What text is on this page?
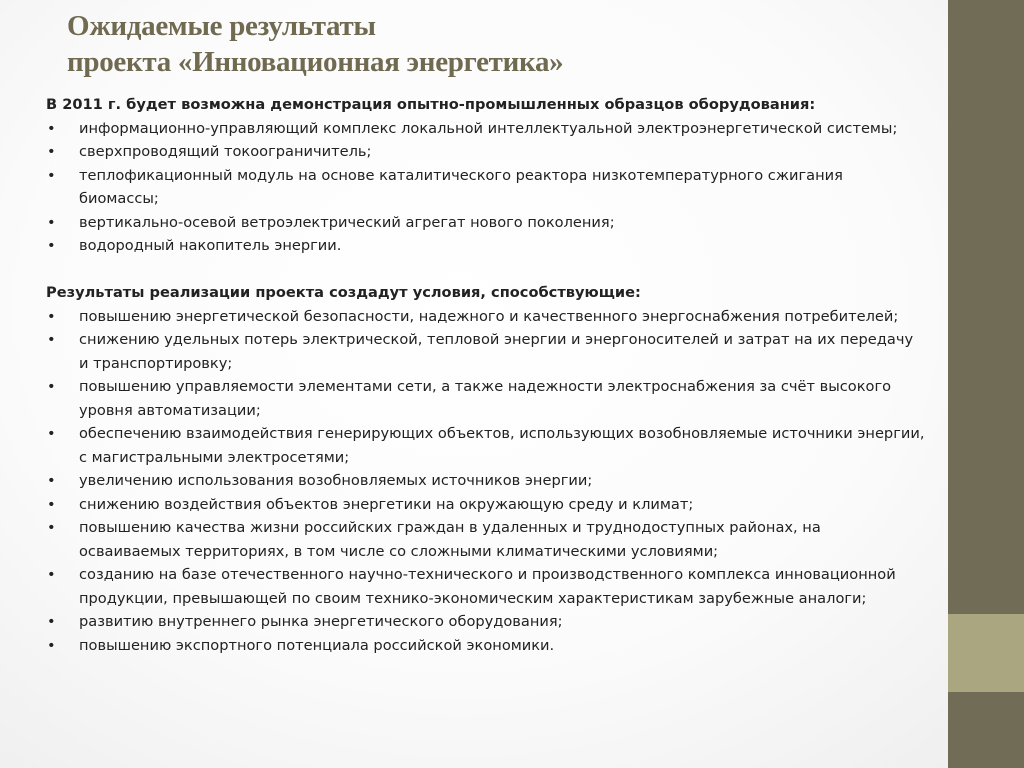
Ожидаемые результаты
проекта «Инновационная энергетика»
В 2011 г. будет возможна демонстрация опытно-промышленных образцов оборудования:
• информационно-управляющий комплекс локальной интеллектуальной электроэнергетической системы;
• сверхпроводящий токоограничитель;
• теплофикационный модуль на основе каталитического реактора низкотемпературного сжигания биомассы;
• вертикально-осевой ветроэлектрический агрегат нового поколения;
• водородный накопитель энергии.
Результаты реализации проекта создадут условия, способствующие:
• повышению энергетической безопасности, надежного и качественного энергоснабжения потребителей;
• снижению удельных потерь электрической, тепловой энергии и энергоносителей и затрат на их передачу и транспортировку;
• повышению управляемости элементами сети, а также надежности электроснабжения за счёт высокого уровня автоматизации;
• обеспечению взаимодействия генерирующих объектов, использующих возобновляемые источники энергии, с магистральными электросетями;
• увеличению использования возобновляемых источников энергии;
• снижению воздействия объектов энергетики на окружающую среду и климат;
• повышению качества жизни российских граждан в удаленных и труднодоступных районах, на осваиваемых территориях, в том числе со сложными климатическими условиями;
• созданию на базе отечественного научно-технического и производственного комплекса инновационной продукции, превышающей по своим технико-экономическим характеристикам зарубежные аналоги;
• развитию внутреннего рынка энергетического оборудования;
• повышению экспортного потенциала российской экономики.
